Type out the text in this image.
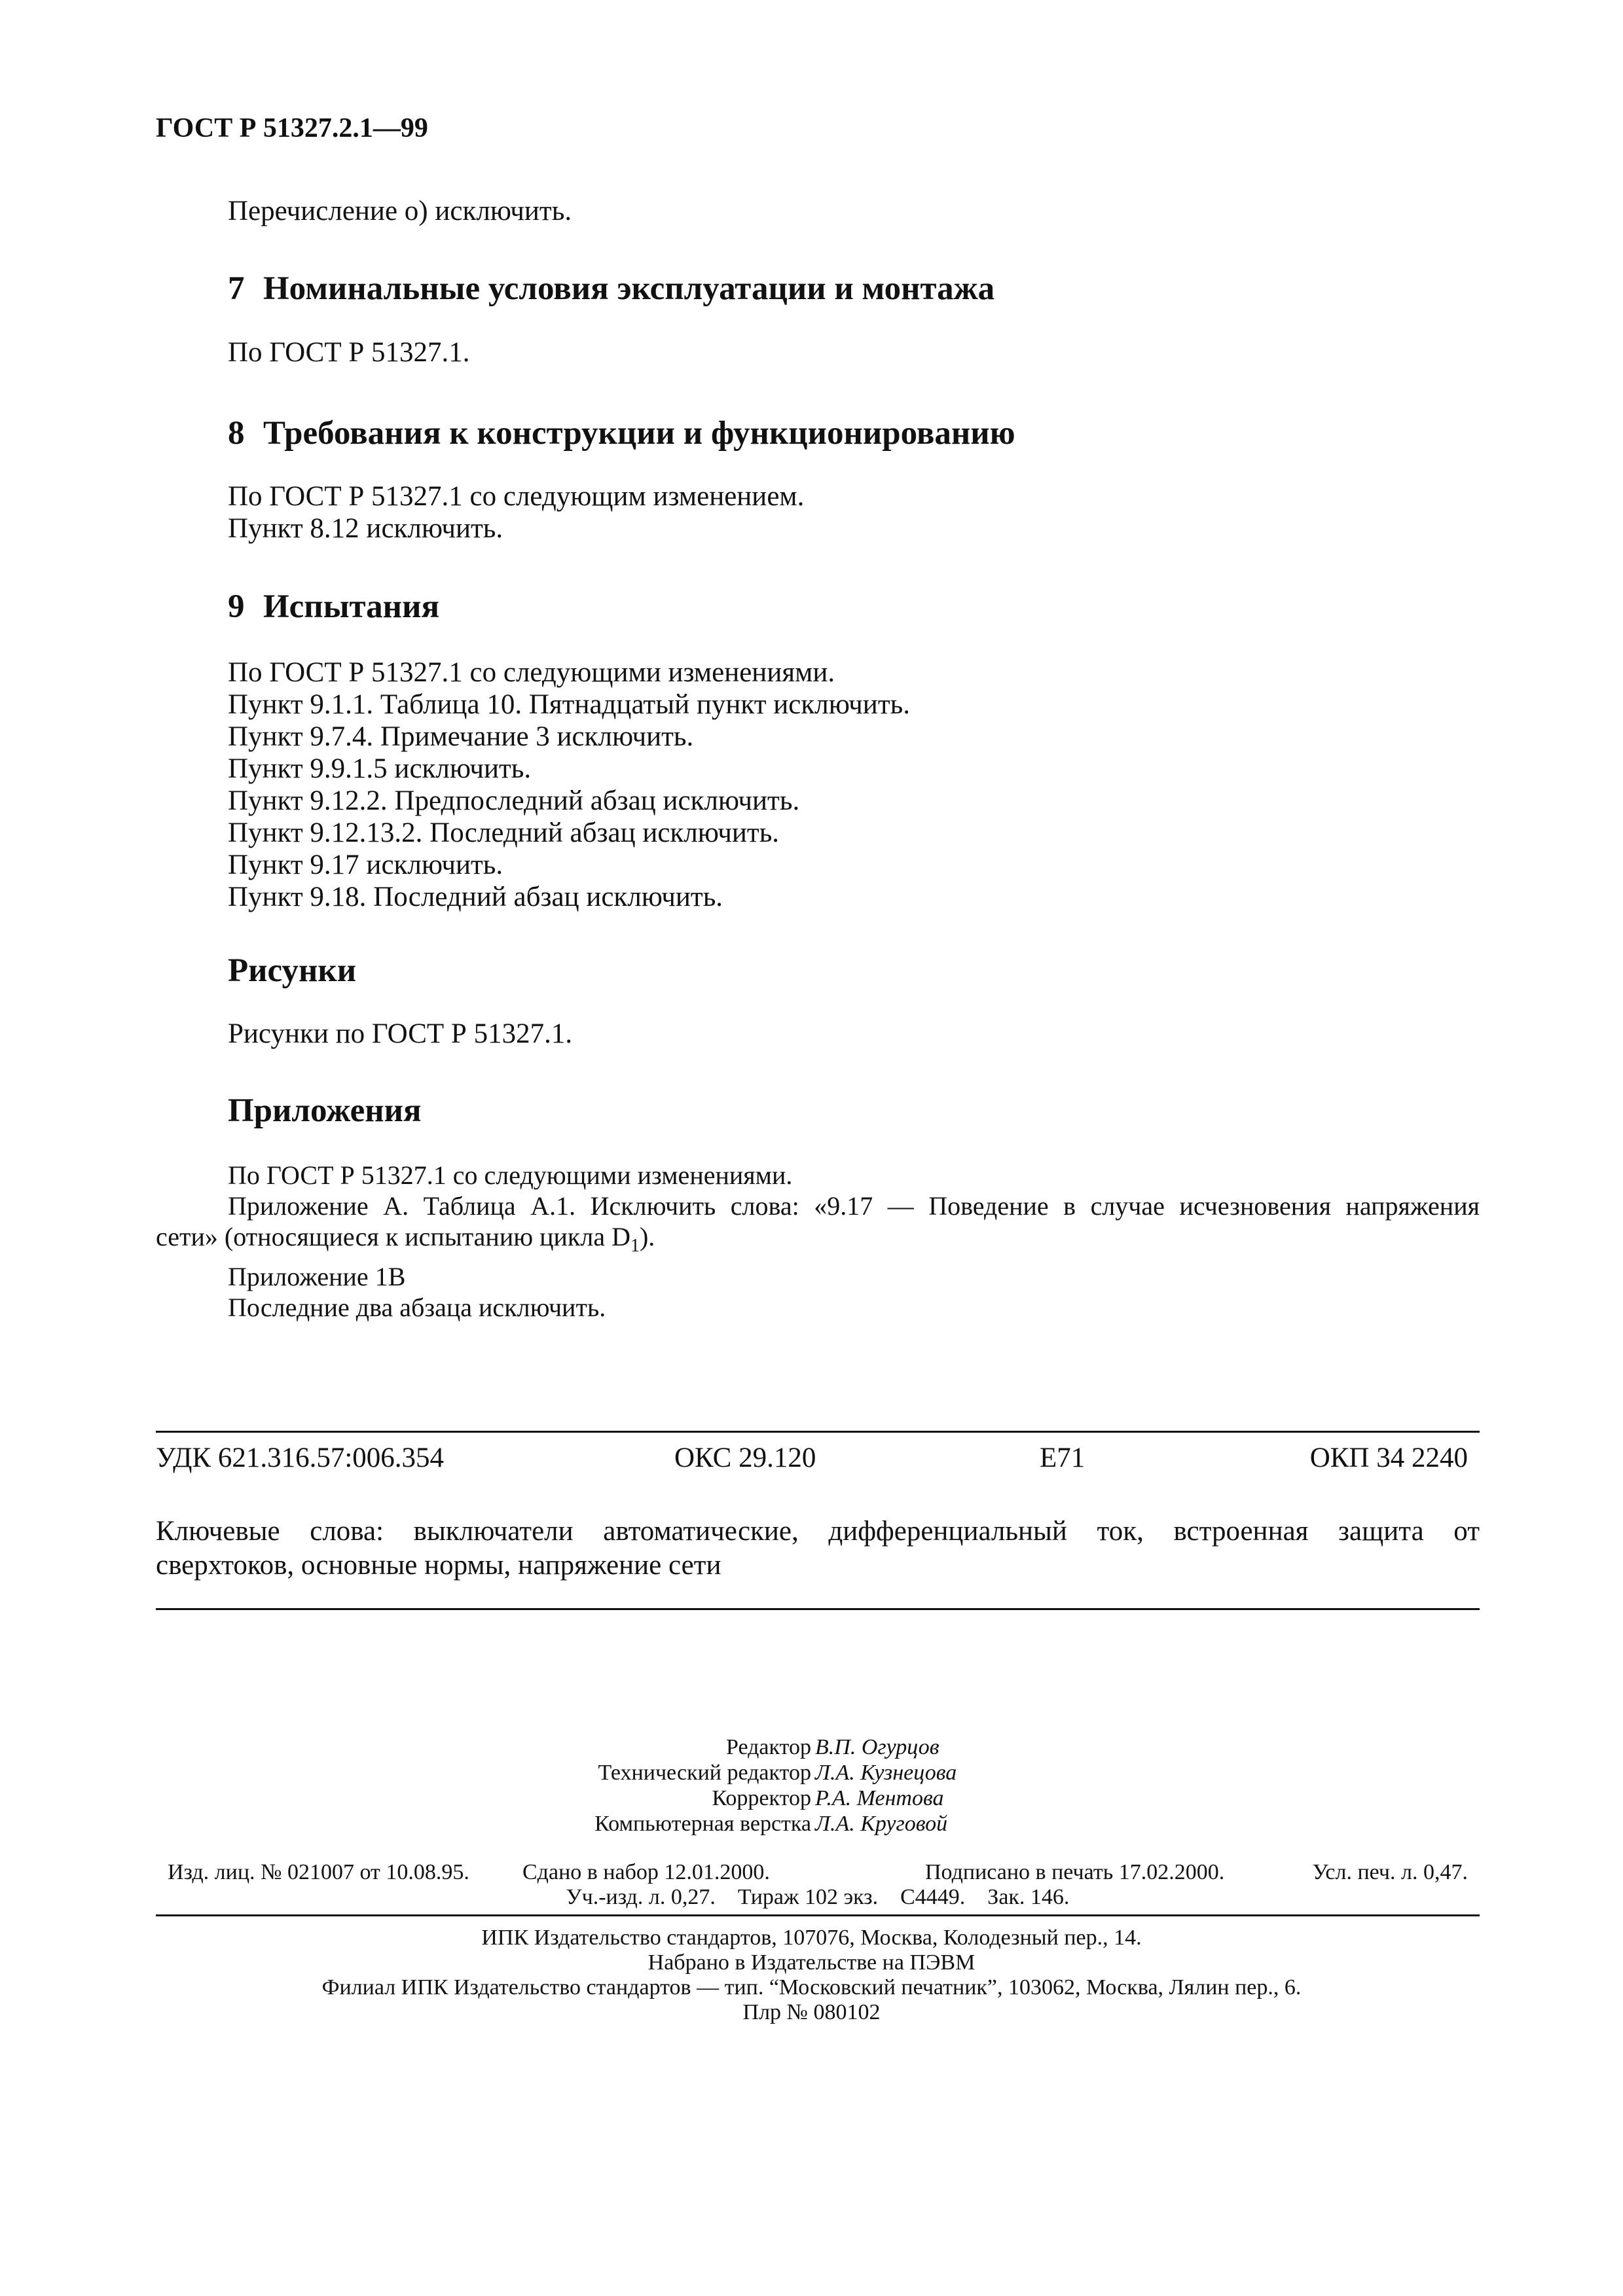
ГОСТ Р 51327.2.1—99
Перечисление о) исключить.
7 Номинальные условия эксплуатации и монтажа
По ГОСТ Р 51327.1.
8 Требования к конструкции и функционированию
По ГОСТ Р 51327.1 со следующим изменением.
Пункт 8.12 исключить.
9 Испытания
По ГОСТ Р 51327.1 со следующими изменениями.
Пункт 9.1.1. Таблица 10. Пятнадцатый пункт исключить.
Пункт 9.7.4. Примечание 3 исключить.
Пункт 9.9.1.5 исключить.
Пункт 9.12.2. Предпоследний абзац исключить.
Пункт 9.12.13.2. Последний абзац исключить.
Пункт 9.17 исключить.
Пункт 9.18. Последний абзац исключить.
Рисунки
Рисунки по ГОСТ Р 51327.1.
Приложения
По ГОСТ Р 51327.1 со следующими изменениями.
Приложение А. Таблица А.1. Исключить слова: «9.17 — Поведение в случае исчезновения напряжения
сети» (относящиеся к испытанию цикла $D_1$).
Приложение 1В
Последние два абзаца исключить.
УДК 621.316.57:006.354	ОКС 29.120	Е71	ОКП 34 2240
Ключевые слова: выключатели автоматические, дифференциальный ток, встроенная защита от
сверхтоков, основные нормы, напряжение сети
Редактор В.П. Огурцов
Технический редактор Л.А. Кузнецова
Корректор Р.А. Ментова
Компьютерная верстка Л.А. Круговой
Изд. лиц. № 021007 от 10.08.95. Сдано в набор 12.01.2000.	Подписано в печать 17.02.2000.	Усл. печ. л. 0,47.
Уч.-изд. л. 0,27.    Тираж 102 экз.    С4449.    Зак. 146.
ИПК Издательство стандартов, 107076, Москва, Колодезный пер., 14.
Набрано в Издательстве на ПЭВМ
Филиал ИПК Издательство стандартов — тип. “Московский печатник”, 103062, Москва, Лялин пер., 6.
Плр № 080102
